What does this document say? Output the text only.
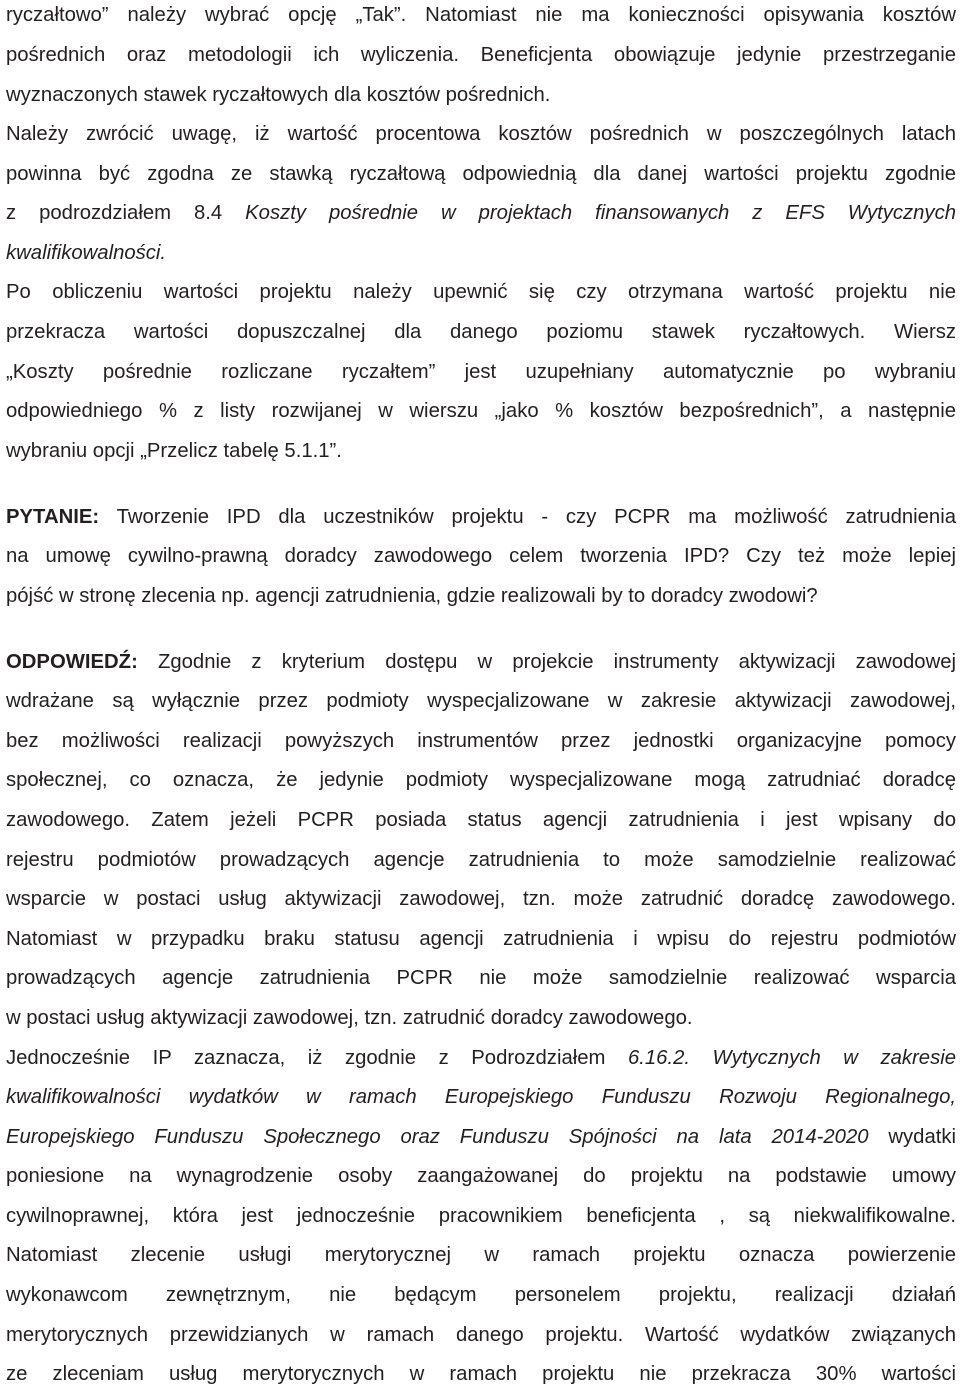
ryczałtowo” należy wybrać opcję „Tak”. Natomiast nie ma konieczności opisywania kosztów
pośrednich oraz metodologii ich wyliczenia. Beneficjenta obowiązuje jedynie przestrzeganie
wyznaczonych stawek ryczałtowych dla kosztów pośrednich.
Należy zwrócić uwagę, iż wartość procentowa kosztów pośrednich w poszczególnych latach
powinna być zgodna ze stawką ryczałtową odpowiednią dla danej wartości projektu zgodnie
z podrozdziałem 8.4 Koszty pośrednie w projektach finansowanych z EFS Wytycznych
kwalifikowalności.
Po obliczeniu wartości projektu należy upewnić się czy otrzymana wartość projektu nie
przekracza wartości dopuszczalnej dla danego poziomu stawek ryczałtowych. Wiersz
„Koszty pośrednie rozliczane ryczałtem” jest uzupełniany automatycznie po wybraniu
odpowiedniego % z listy rozwijanej w wierszu „jako % kosztów bezpośrednich”, a następnie
wybraniu opcji „Przelicz tabelę 5.1.1”.
PYTANIE: Tworzenie IPD dla uczestników projektu - czy PCPR ma możliwość zatrudnienia
na umowę cywilno-prawną doradcy zawodowego celem tworzenia IPD? Czy też może lepiej
pójść w stronę zlecenia np. agencji zatrudnienia, gdzie realizowali by to doradcy zwodowi?
ODPOWIEDŹ: Zgodnie z kryterium dostępu w projekcie instrumenty aktywizacji zawodowej
wdrażane są wyłącznie przez podmioty wyspecjalizowane w zakresie aktywizacji zawodowej,
bez możliwości realizacji powyższych instrumentów przez jednostki organizacyjne pomocy
społecznej, co oznacza, że jedynie podmioty wyspecjalizowane mogą zatrudniać doradcę
zawodowego. Zatem jeżeli PCPR posiada status agencji zatrudnienia i jest wpisany do
rejestru podmiotów prowadzących agencje zatrudnienia to może samodzielnie realizować
wsparcie w postaci usług aktywizacji zawodowej, tzn. może zatrudnić doradcę zawodowego.
Natomiast w przypadku braku statusu agencji zatrudnienia i wpisu do rejestru podmiotów
prowadzących agencje zatrudnienia PCPR nie może samodzielnie realizować wsparcia
w postaci usług aktywizacji zawodowej, tzn. zatrudnić doradcy zawodowego.
Jednocześnie IP zaznacza, iż zgodnie z Podrozdziałem 6.16.2. Wytycznych w zakresie
kwalifikowalności wydatków w ramach Europejskiego Funduszu Rozwoju Regionalnego,
Europejskiego Funduszu Społecznego oraz Funduszu Spójności na lata 2014-2020 wydatki
poniesione na wynagrodzenie osoby zaangażowanej do projektu na podstawie umowy
cywilnoprawnej, która jest jednocześnie pracownikiem beneficjenta , są niekwalifikowalne.
Natomiast zlecenie usługi merytorycznej w ramach projektu oznacza powierzenie
wykonawcom zewnętrznym, nie będącym personelem projektu, realizacji działań
merytorycznych przewidzianych w ramach danego projektu. Wartość wydatków związanych
ze zleceniam usług merytorycznych w ramach projektu nie przekracza 30% wartości
